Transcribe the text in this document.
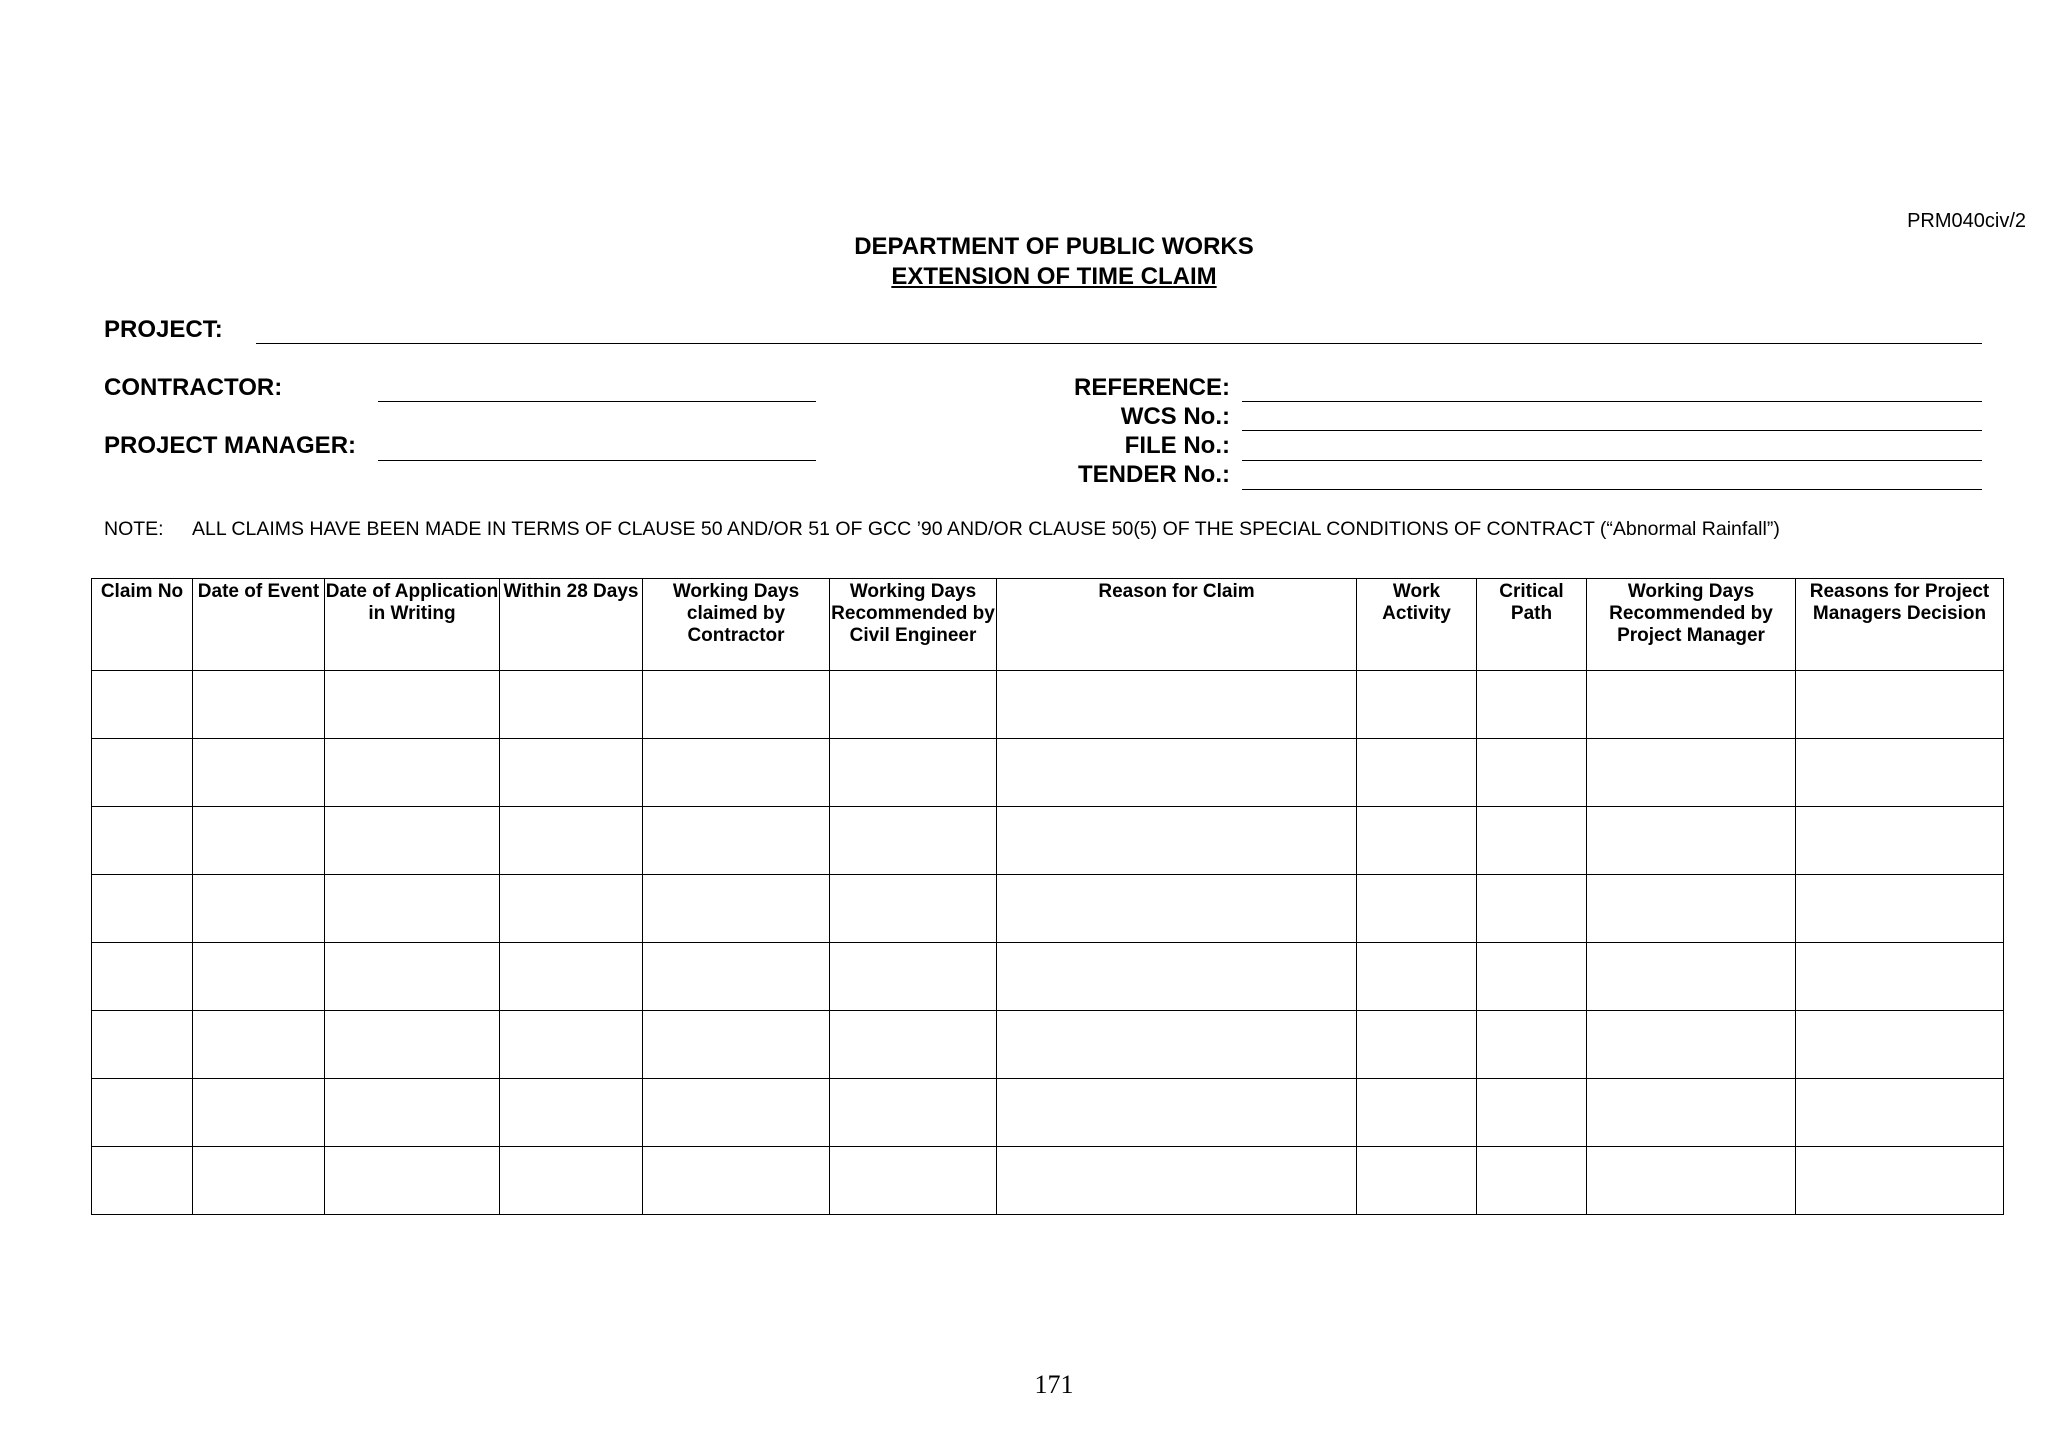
PRM040civ/2
DEPARTMENT OF PUBLIC WORKS
EXTENSION OF TIME CLAIM
PROJECT:
CONTRACTOR:
PROJECT MANAGER:
REFERENCE:
WCS No.:
FILE No.:
TENDER No.:
NOTE: ALL CLAIMS HAVE BEEN MADE IN TERMS OF CLAUSE 50 AND/OR 51 OF GCC ’90 AND/OR CLAUSE 50(5) OF THE SPECIAL CONDITIONS OF CONTRACT (“Abnormal Rainfall”)
Claim No	Date of Event	Date of Application in Writing	Within 28 Days	Working Days claimed by Contractor	Working Days Recommended by Civil Engineer	Reason for Claim	Work Activity	Critical Path	Working Days Recommended by Project Manager	Reasons for Project Managers Decision

171
